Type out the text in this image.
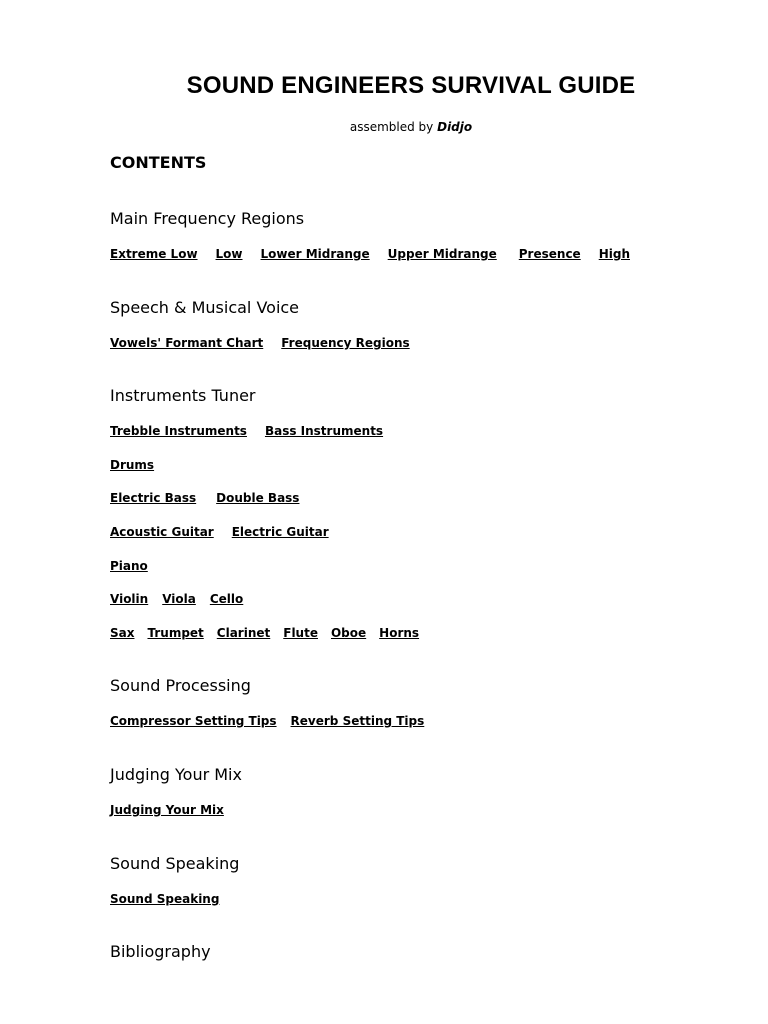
SOUND ENGINEERS SURVIVAL GUIDE
assembled by Didjo
CONTENTS
Main Frequency Regions
Extreme Low Low Lower Midrange Upper Midrange Presence High
Speech & Musical Voice
Vowels' Formant Chart Frequency Regions
Instruments Tuner
Trebble Instruments Bass Instruments
Drums
Electric Bass Double Bass
Acoustic Guitar Electric Guitar
Piano
Violin Viola Cello
Sax Trumpet Clarinet Flute Oboe Horns
Sound Processing
Compressor Setting Tips Reverb Setting Tips
Judging Your Mix
Judging Your Mix
Sound Speaking
Sound Speaking
Bibliography
